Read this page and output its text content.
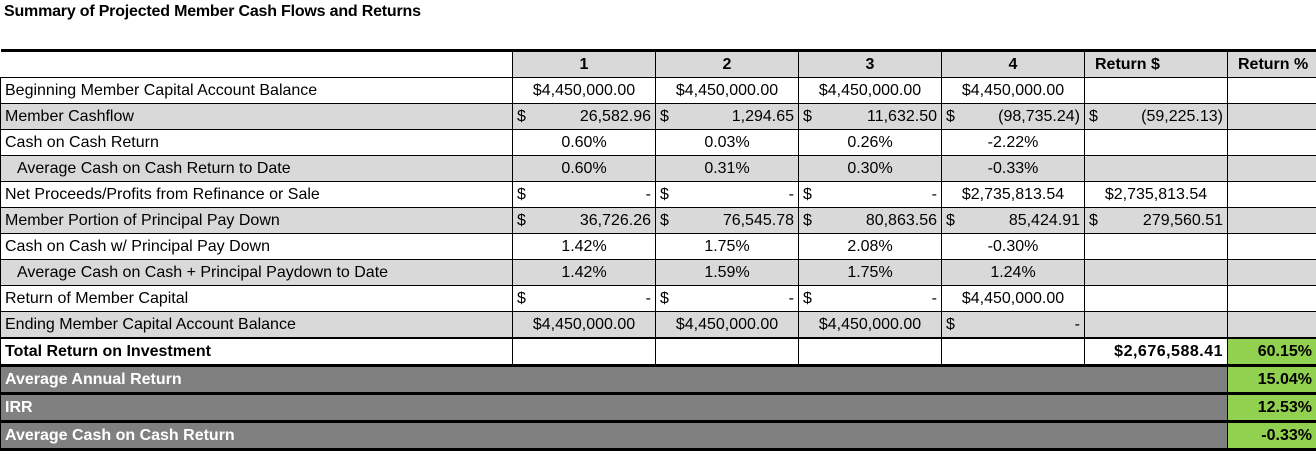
Summary of Projected Member Cash Flows and Returns
	1	2	3	4	Return $	Return %
Beginning Member Capital Account Balance	$4,450,000.00	$4,450,000.00	$4,450,000.00	$4,450,000.00		
Member Cashflow	$ 26,582.96	$ 1,294.65	$ 11,632.50	$ (98,735.24)	$ (59,225.13)	

Cash on Cash Return	0.60%	0.03%	0.26%	-2.22%		
Average Cash on Cash Return to Date	0.60%	0.31%	0.30%	-0.33%		
Net Proceeds/Profits from Refinance or Sale	$ -	$ -	$ -	$2,735,813.54	$2,735,813.54	
Member Portion of Principal Pay Down	$ 36,726.26	$ 76,545.78	$ 80,863.56	$ 85,424.91	$ 279,560.51	

Cash on Cash w/ Principal Pay Down	1.42%	1.75%	2.08%	-0.30%		
Average Cash on Cash + Principal Paydown to Date	1.42%	1.59%	1.75%	1.24%		
Return of Member Capital	$ -	$ -	$ -	$4,450,000.00		
Ending Member Capital Account Balance	$4,450,000.00	$4,450,000.00	$4,450,000.00	$ -		

Total Return on Investment					$2,676,588.41	60.15%
Average Annual Return						15.04%
IRR						12.53%
Average Cash on Cash Return						-0.33%
